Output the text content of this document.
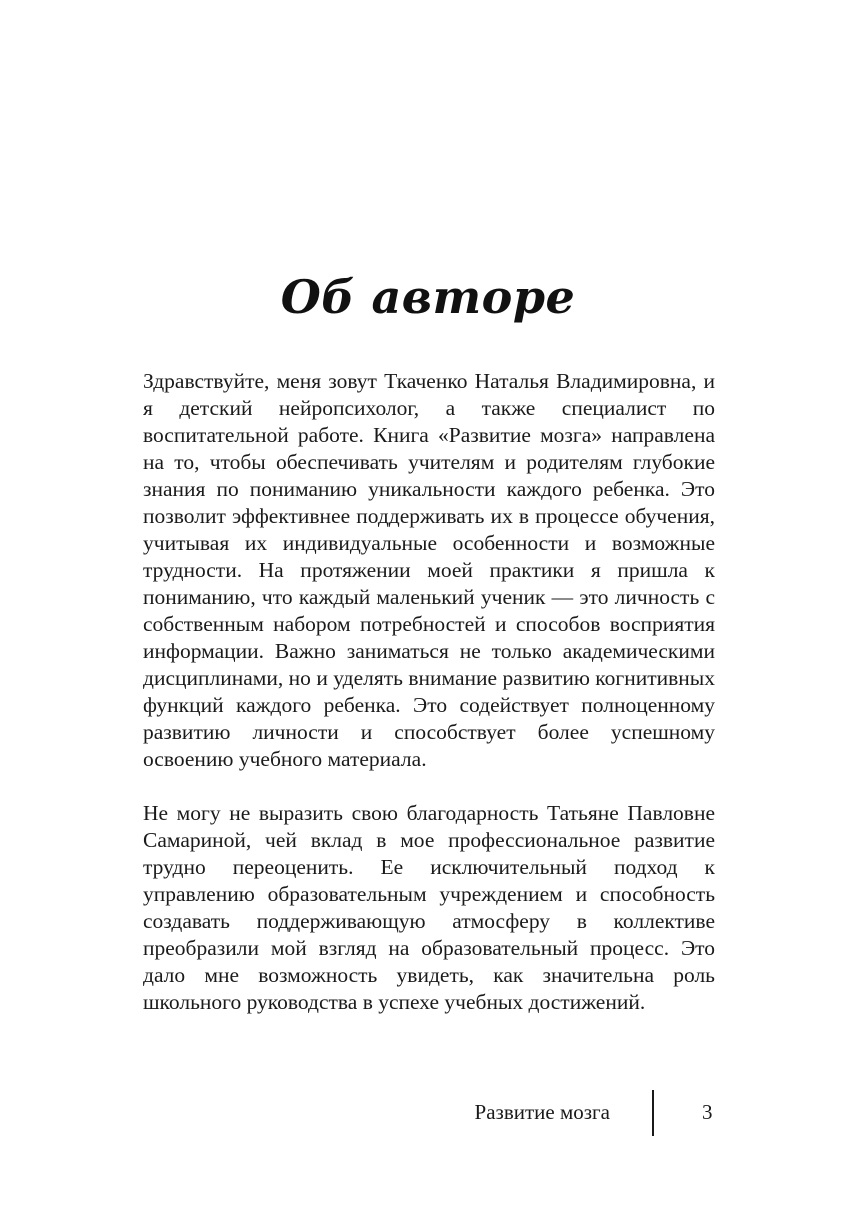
Об авторе

Здравствуйте, меня зовут Ткаченко Наталья Владимировна, и я детский нейропсихолог, а также специалист по воспитательной работе. Книга «Развитие мозга» направлена на то, чтобы обеспечивать учителям и родителям глубокие знания по пониманию уникальности каждого ребенка. Это позволит эффективнее поддерживать их в процессе обучения, учитывая их индивидуальные особенности и возможные трудности. На протяжении моей практики я пришла к пониманию, что каждый маленький ученик — это личность с собственным набором потребностей и способов восприятия информации. Важно заниматься не только академическими дисциплинами, но и уделять внимание развитию когнитивных функций каждого ребенка. Это содействует полноценному развитию личности и способствует более успешному освоению учебного материала.

Не могу не выразить свою благодарность Татьяне Павловне Самариной, чей вклад в мое профессиональное развитие трудно переоценить. Ее исключительный подход к управлению образовательным учреждением и способность создавать поддерживающую атмосферу в коллективе преобразили мой взгляд на образовательный процесс. Это дало мне возможность увидеть, как значительна роль школьного руководства в успехе учебных достижений.

Развитие мозга	3
